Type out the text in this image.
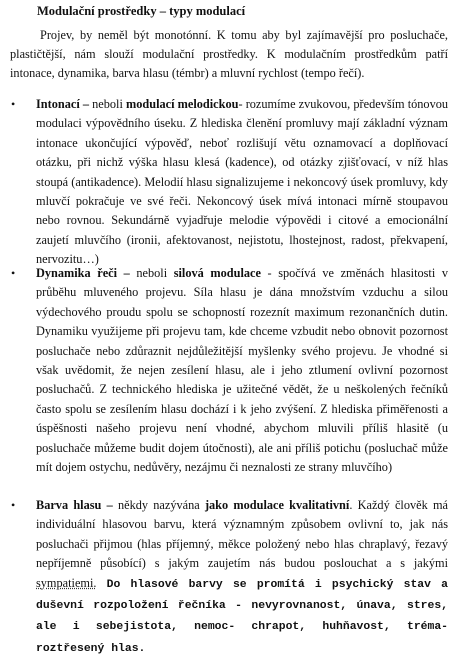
Modulační prostředky – typy modulací
Projev, by neměl být monotónní. K tomu aby byl zajímavější pro posluchače, plastičtější, nám slouží modulační prostředky. K modulačním prostředkům patří intonace, dynamika, barva hlasu (témbr) a mluvní rychlost (tempo řečí).
• Intonací – neboli modulací melodickou- rozumíme zvukovou, především tónovou modulaci výpovědního úseku. Z hlediska členění promluvy mají základní význam intonace ukončující výpověď, neboť rozlišují větu oznamovací a doplňovací otázku, při nichž výška hlasu klesá (kadence), od otázky zjišťovací, v níž hlas stoupá (antikadence). Melodií hlasu signalizujeme i nekoncový úsek promluvy, kdy mluvčí pokračuje ve své řeči. Nekoncový úsek mívá intonaci mírně stoupavou nebo rovnou. Sekundárně vyjadřuje melodie výpovědi i citové a emocionální zaujetí mluvčího (ironii, afektovanost, nejistotu, lhostejnost, radost, překvapení, nervozitu…)
• Dynamika řeči – neboli silová modulace - spočívá ve změnách hlasitosti v průběhu mluveného projevu. Síla hlasu je dána množstvím vzduchu a silou výdechového proudu spolu se schopností rozeznít maximum rezonančních dutin. Dynamiku využijeme při projevu tam, kde chceme vzbudit nebo obnovit pozornost posluchače nebo zdůraznit nejdůležitější myšlenky svého projevu. Je vhodné si však uvědomit, že nejen zesílení hlasu, ale i jeho ztlumení ovlivní pozornost posluchačů. Z technického hlediska je užitečné vědět, že u neškolených řečníků často spolu se zesílením hlasu dochází i k jeho zvýšení. Z hlediska přiměřenosti a úspěšnosti našeho projevu není vhodné, abychom mluvili příliš hlasitě (u posluchače můžeme budit dojem útočnosti), ale ani příliš potichu (posluchač může mít dojem ostychu, nedůvěry, nezájmu či neznalosti ze strany mluvčího)
• Barva hlasu – někdy nazývána jako modulace kvalitativní. Každý člověk má individuální hlasovou barvu, která významným způsobem ovlivní to, jak nás posluchači přijmou (hlas příjemný, měkce položený nebo hlas chraplavý, řezavý nepříjemně působící) s jakým zaujetím nás budou poslouchat a s jakými sympatiemi. Do hlasové barvy se promítá i psychický stav a duševní rozpoložení řečníka - nevyrovnanost, únava, stres, ale i sebejistota, nemoc- chrapot, huhňavost, tréma-roztřesený hlas.
